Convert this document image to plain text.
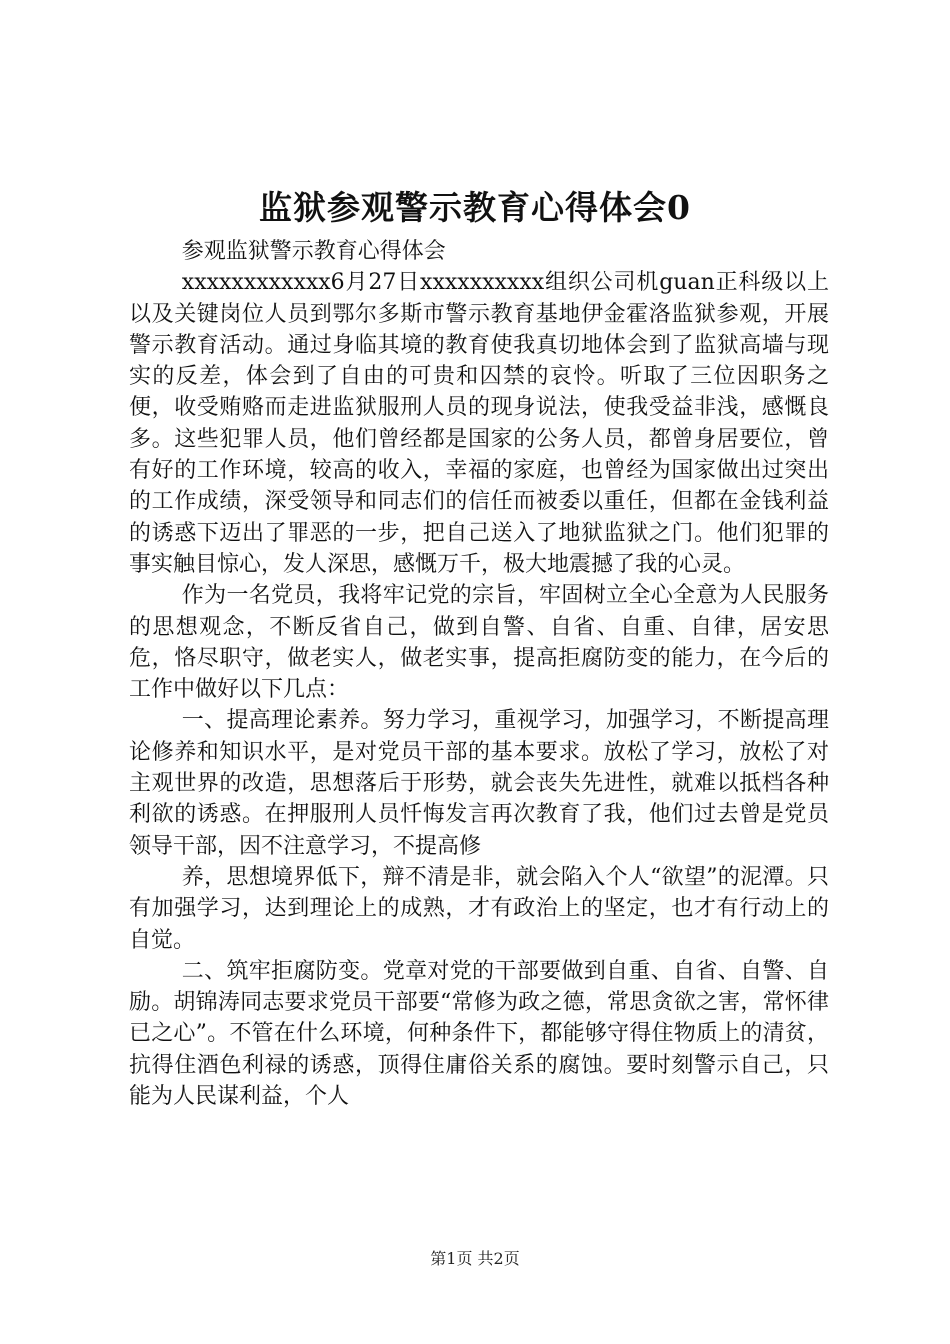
监狱参观警示教育心得体会0

参观监狱警示教育心得体会

xxxxxxxxxxxx6月27日xxxxxxxxxx组织公司机guan正科级以上以及关键岗位人员到鄂尔多斯市警示教育基地伊金霍洛监狱参观，开展警示教育活动。通过身临其境的教育使我真切地体会到了监狱高墙与现实的反差，体会到了自由的可贵和囚禁的哀怜。听取了三位因职务之便，收受贿赂而走进监狱服刑人员的现身说法，使我受益非浅，感慨良多。这些犯罪人员，他们曾经都是国家的公务人员，都曾身居要位，曾有好的工作环境，较高的收入，幸福的家庭，也曾经为国家做出过突出的工作成绩，深受领导和同志们的信任而被委以重任，但都在金钱利益的诱惑下迈出了罪恶的一步，把自己送入了地狱监狱之门。他们犯罪的事实触目惊心，发人深思，感慨万千，极大地震撼了我的心灵。

作为一名党员，我将牢记党的宗旨，牢固树立全心全意为人民服务的思想观念，不断反省自己，做到自警、自省、自重、自律，居安思危，恪尽职守，做老实人，做老实事，提高拒腐防变的能力，在今后的工作中做好以下几点：

一、提高理论素养。努力学习，重视学习，加强学习，不断提高理论修养和知识水平，是对党员干部的基本要求。放松了学习，放松了对主观世界的改造，思想落后于形势，就会丧失先进性，就难以抵档各种利欲的诱惑。在押服刑人员忏悔发言再次教育了我，他们过去曾是党员领导干部，因不注意学习，不提高修

养，思想境界低下，辩不清是非，就会陷入个人“欲望”的泥潭。只有加强学习，达到理论上的成熟，才有政治上的坚定，也才有行动上的自觉。

二、筑牢拒腐防变。党章对党的干部要做到自重、自省、自警、自励。胡锦涛同志要求党员干部要“常修为政之德，常思贪欲之害，常怀律已之心”。不管在什么环境，何种条件下，都能够守得住物质上的清贫，抗得住酒色利禄的诱惑，顶得住庸俗关系的腐蚀。要时刻警示自己，只能为人民谋利益，个人

第1页 共2页
